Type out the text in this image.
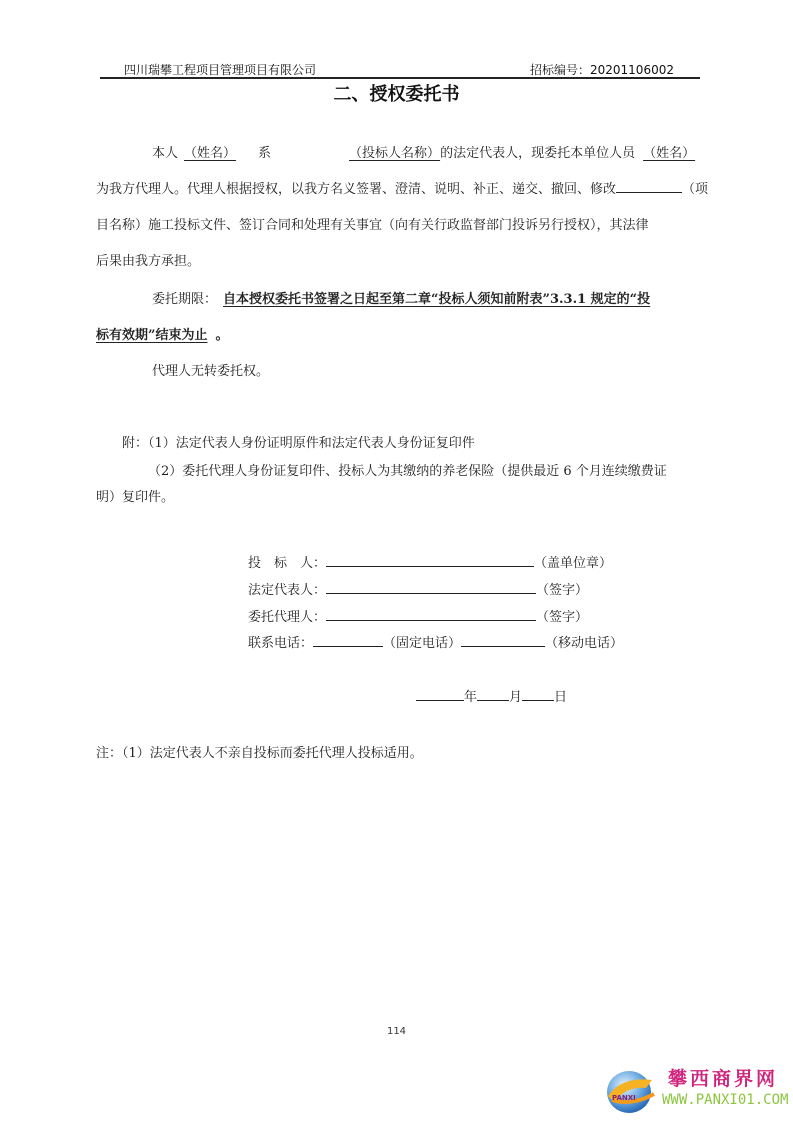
四川瑞攀工程项目管理项目有限公司	招标编号：20201106002
二、授权委托书
本人 （姓名） 系	（投标人名称）的法定代表人，现委托本单位人员 （姓名）
为我方代理人。代理人根据授权，以我方名义签署、澄清、说明、补正、递交、撤回、修改	（项
目名称）施工投标文件、签订合同和处理有关事宜（向有关行政监督部门投诉另行授权），其法律
后果由我方承担。
委托期限： 自本授权委托书签署之日起至第二章“投标人须知前附表”3.3.1 规定的“投
标有效期”结束为止 。
代理人无转委托权。
附：（1）法定代表人身份证明原件和法定代表人身份证复印件
（2）委托代理人身份证复印件、投标人为其缴纳的养老保险（提供最近 6 个月连续缴费证
明）复印件。
投　标　人：	（盖单位章）
法定代表人：	（签字）
委托代理人：	（签字）
联系电话：	（固定电话）	（移动电话）
年 月 日
注：（1）法定代表人不亲自投标而委托代理人投标适用。
114
PANXI
攀西商界网
WWW.PANXI01.COM
